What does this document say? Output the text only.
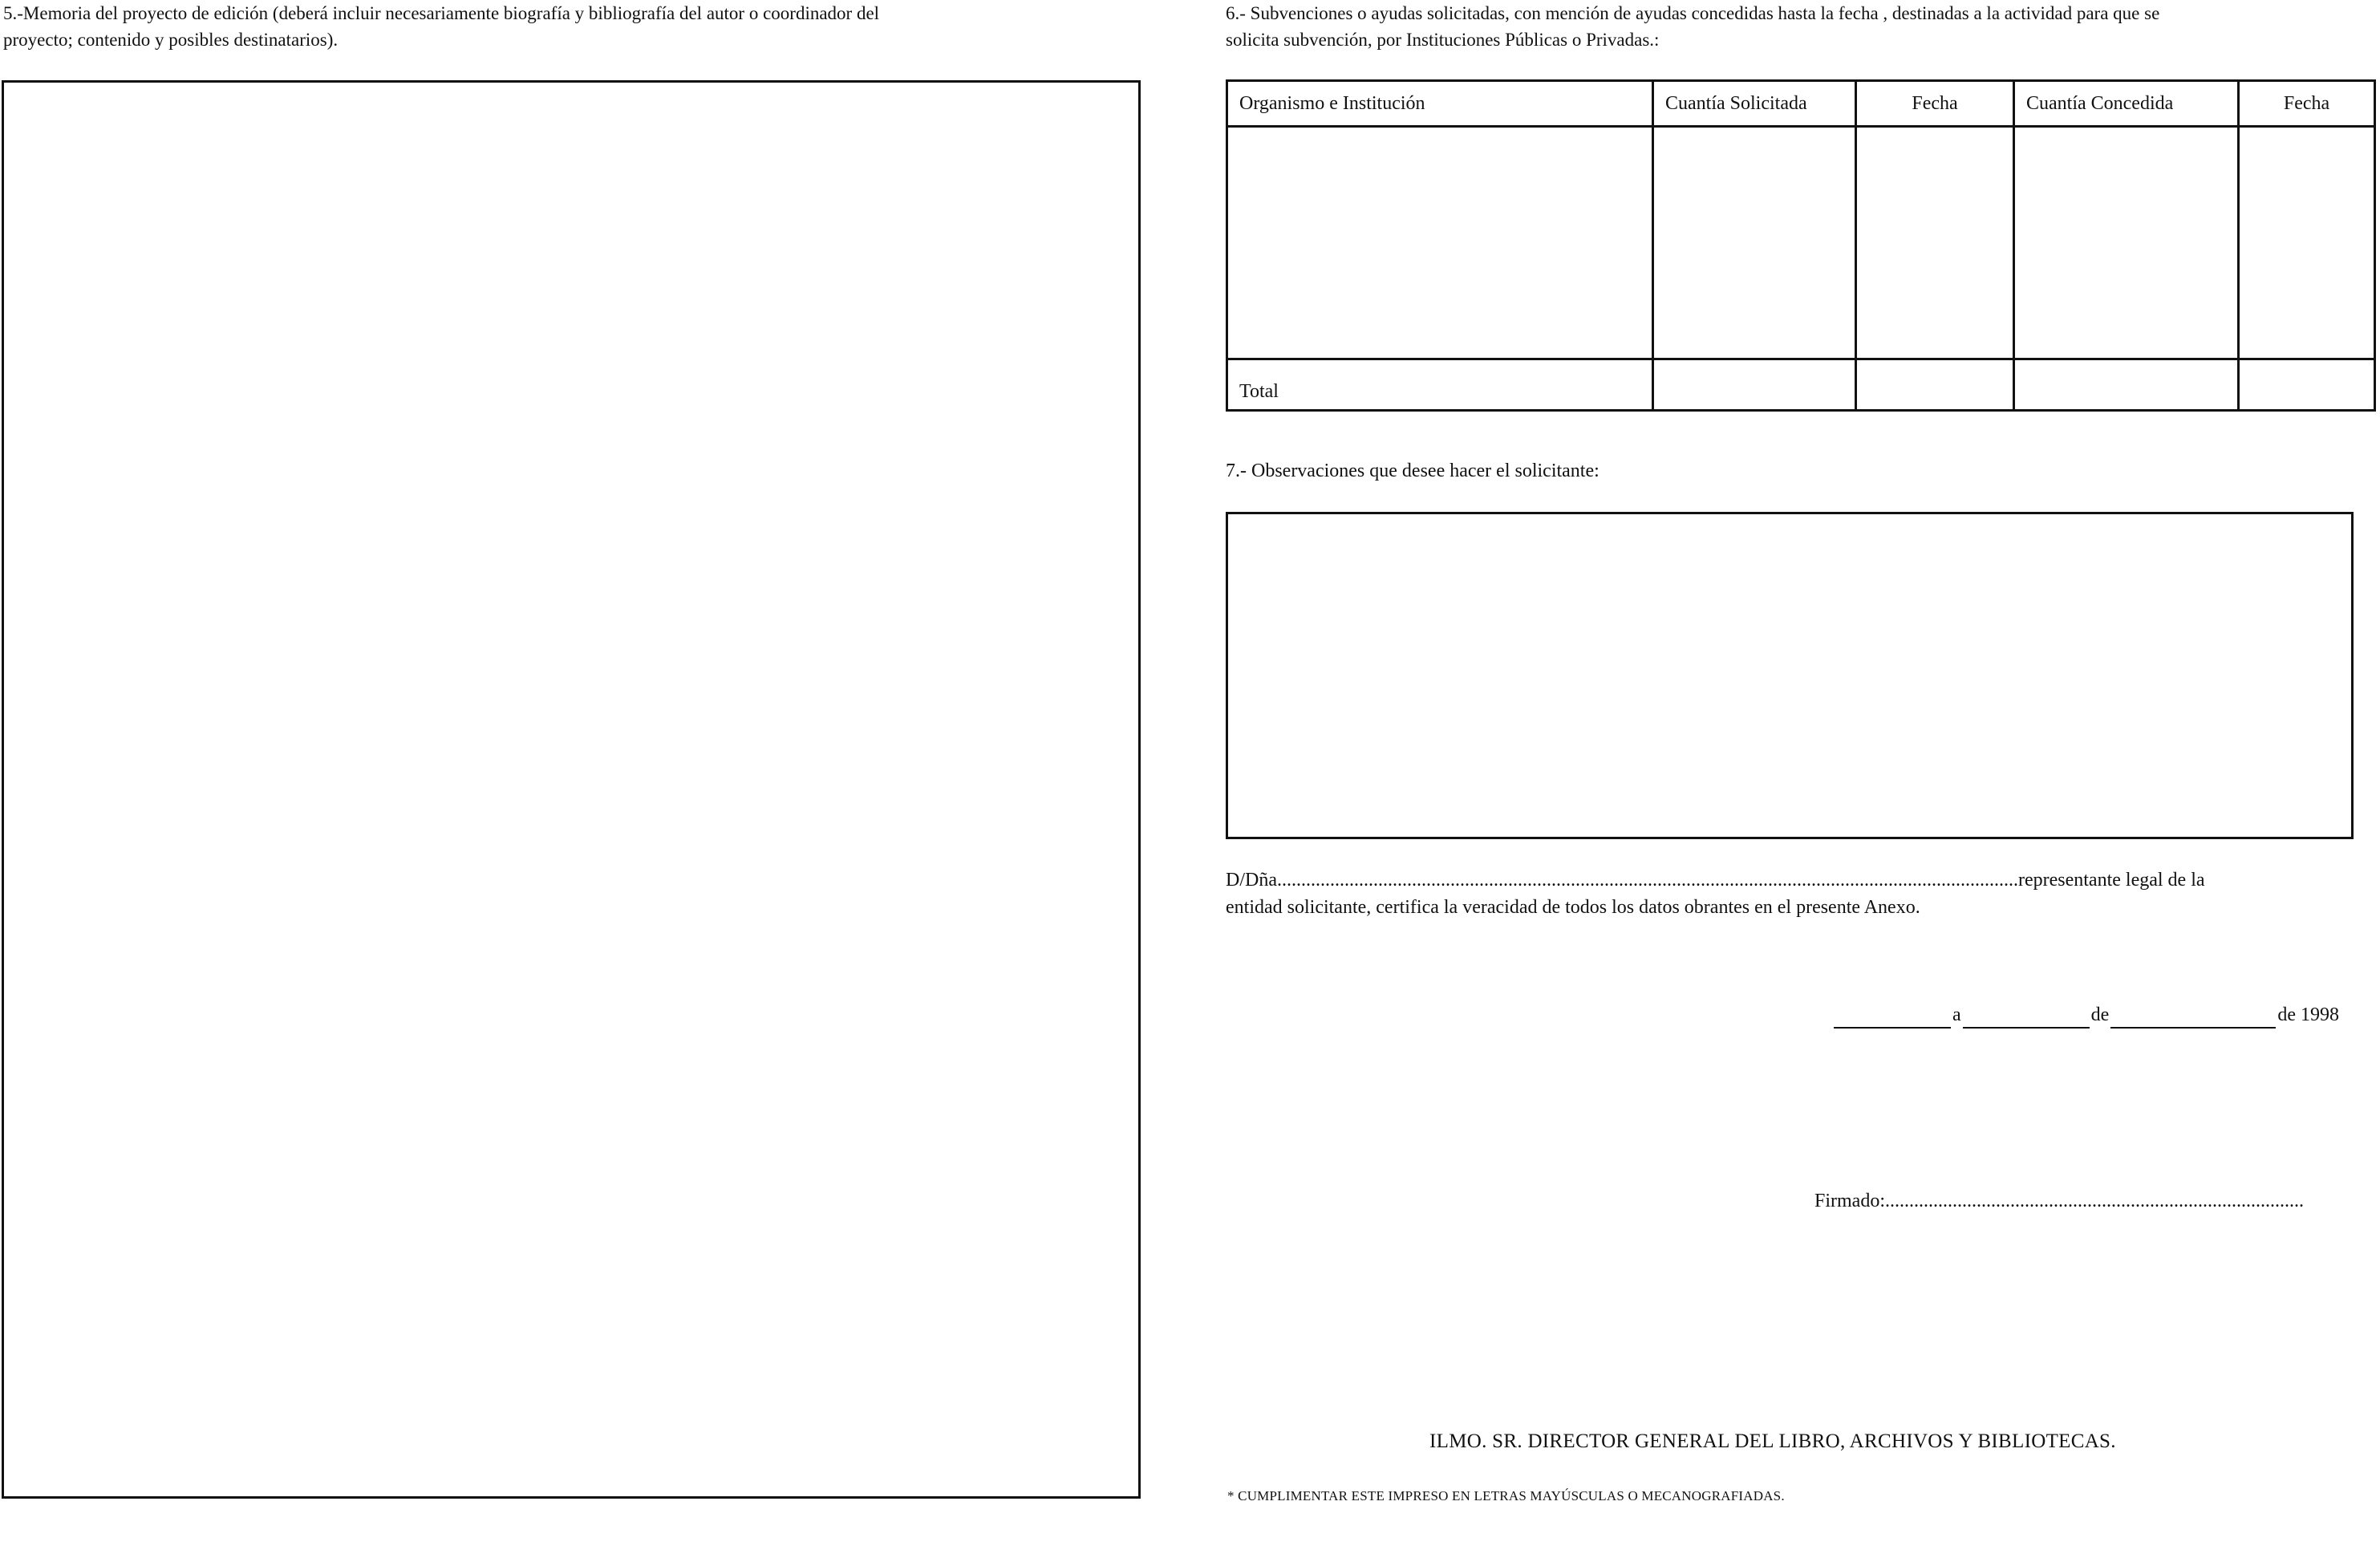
5.-Memoria del proyecto de edición (deberá incluir necesariamente biografía y bibliografía del autor o coordinador del
proyecto; contenido y posibles destinatarios).
6.- Subvenciones o ayudas solicitadas, con mención de ayudas concedidas hasta la fecha , destinadas a la actividad para que se
solicita subvención, por Instituciones Públicas o Privadas.:
Organismo e Institución	Cuantía Solicitada	Fecha	Cuantía Concedida	Fecha

Total				
7.- Observaciones que desee hacer el solicitante:
D/Dña..........................................................................................................................................................representante legal de la
entidad solicitante, certifica la veracidad de todos los datos obrantes en el presente Anexo.
a	de	de 1998
Firmado:.......................................................................................
ILMO. SR. DIRECTOR GENERAL DEL LIBRO, ARCHIVOS Y BIBLIOTECAS.
* CUMPLIMENTAR ESTE IMPRESO EN LETRAS MAYÚSCULAS O MECANOGRAFIADAS.
